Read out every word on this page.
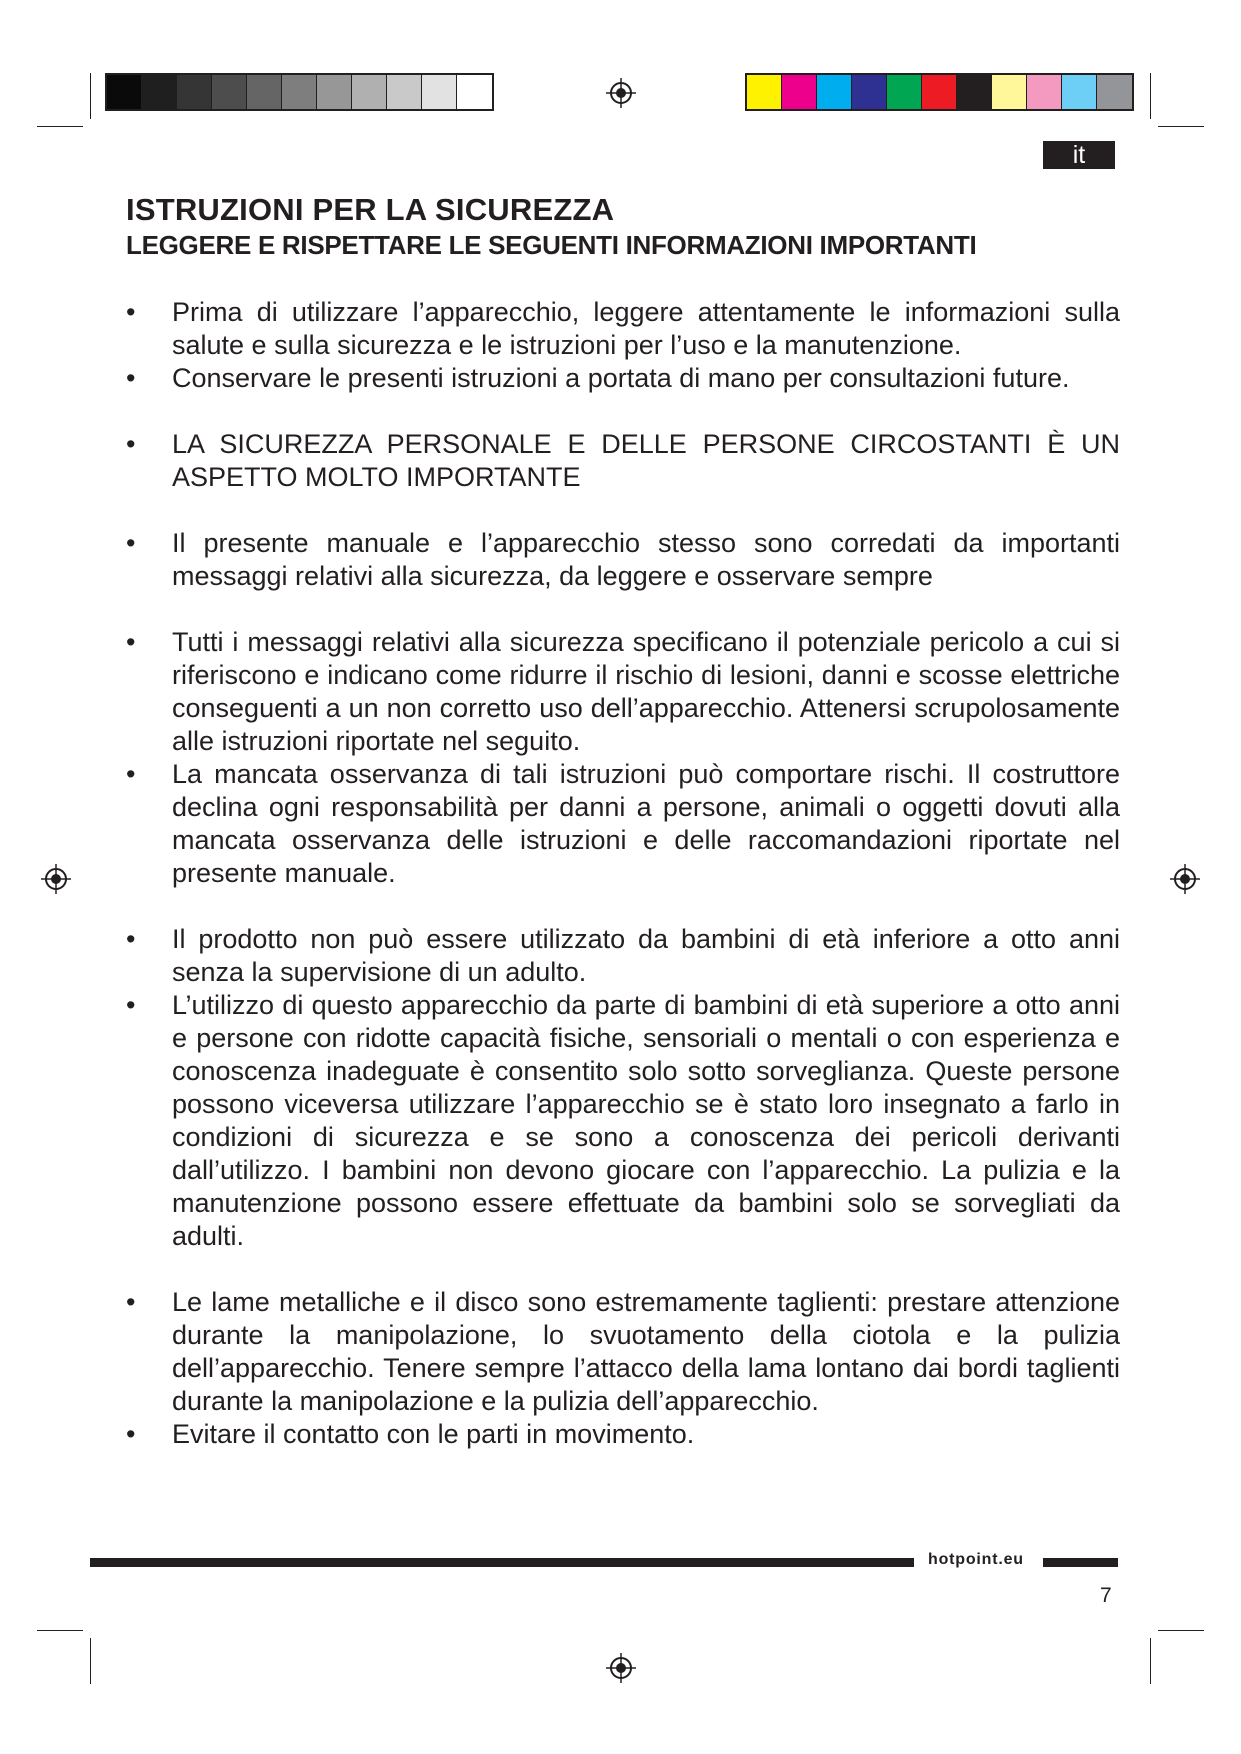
it
ISTRUZIONI PER LA SICUREZZA
LEGGERE E RISPETTARE LE SEGUENTI INFORMAZIONI IMPORTANTI

• Prima di utilizzare l’apparecchio, leggere attentamente le informazioni sulla salute e sulla sicurezza e le istruzioni per l’uso e la manutenzione.

• Conservare le presenti istruzioni a portata di mano per consultazioni future.

• LA SICUREZZA PERSONALE E DELLE PERSONE CIRCOSTANTI È UN ASPETTO MOLTO IMPORTANTE

• Il presente manuale e l’apparecchio stesso sono corredati da importanti messaggi relativi alla sicurezza, da leggere e osservare sempre

• Tutti i messaggi relativi alla sicurezza specificano il potenziale pericolo a cui si riferiscono e indicano come ridurre il rischio di lesioni, danni e scosse elettriche conseguenti a un non corretto uso dell’apparecchio. Attenersi scrupolosamente alle istruzioni riportate nel seguito.

• La mancata osservanza di tali istruzioni può comportare rischi. Il costruttore declina ogni responsabilità per danni a persone, animali o oggetti dovuti alla mancata osservanza delle istruzioni e delle raccomandazioni riportate nel presente manuale.

• Il prodotto non può essere utilizzato da bambini di età inferiore a otto anni senza la supervisione di un adulto.

• L’utilizzo di questo apparecchio da parte di bambini di età superiore a otto anni e persone con ridotte capacità fisiche, sensoriali o mentali o con esperienza e conoscenza inadeguate è consentito solo sotto sorveglianza. Queste persone possono viceversa utilizzare l’apparecchio se è stato loro insegnato a farlo in condizioni di sicurezza e se sono a conoscenza dei pericoli derivanti dall’utilizzo. I bambini non devono giocare con l’apparecchio. La pulizia e la manutenzione possono essere effettuate da bambini solo se sorvegliati da adulti.

• Le lame metalliche e il disco sono estremamente taglienti: prestare attenzione durante la manipolazione, lo svuotamento della ciotola e la pulizia dell’apparecchio. Tenere sempre l’attacco della lama lontano dai bordi taglienti durante la manipolazione e la pulizia dell’apparecchio.

• Evitare il contatto con le parti in movimento.

hotpoint.eu
7
